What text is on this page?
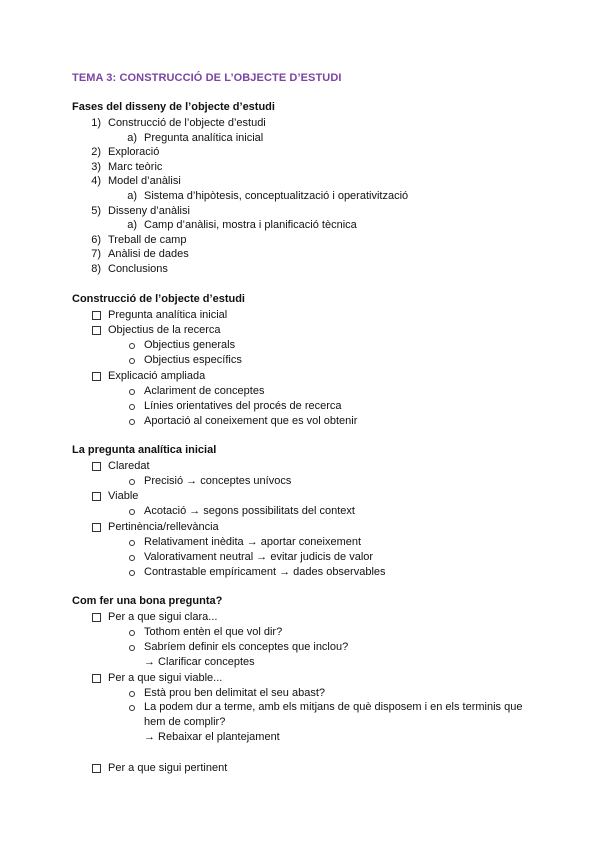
TEMA 3: CONSTRUCCIÓ DE L’OBJECTE D’ESTUDI
Fases del disseny de l’objecte d’estudi
1) Construcció de l’objecte d’estudi
a) Pregunta analítica inicial
2) Exploració
3) Marc teòric
4) Model d’anàlisi
a) Sistema d’hipòtesis, conceptualització i operativització
5) Disseny d’anàlisi
a) Camp d’anàlisi, mostra i planificació tècnica
6) Treball de camp
7) Anàlisi de dades
8) Conclusions
Construcció de l’objecte d’estudi
Pregunta analítica inicial
Objectius de la recerca
Objectius generals
Objectius específics
Explicació ampliada
Aclariment de conceptes
Línies orientatives del procés de recerca
Aportació al coneixement que es vol obtenir
La pregunta analítica inicial
Claredat
Precisió → conceptes unívocs
Viable
Acotació → segons possibilitats del context
Pertinència/rellevància
Relativament inèdita → aportar coneixement
Valorativament neutral → evitar judicis de valor
Contrastable empíricament → dades observables
Com fer una bona pregunta?
Per a que sigui clara...
Tothom entèn el que vol dir?
Sabríem definir els conceptes que inclou?
→ Clarificar conceptes
Per a que sigui viable...
Està prou ben delimitat el seu abast?
La podem dur a terme, amb els mitjans de què disposem i en els terminis que
hem de complir?
→ Rebaixar el plantejament
Per a que sigui pertinent
